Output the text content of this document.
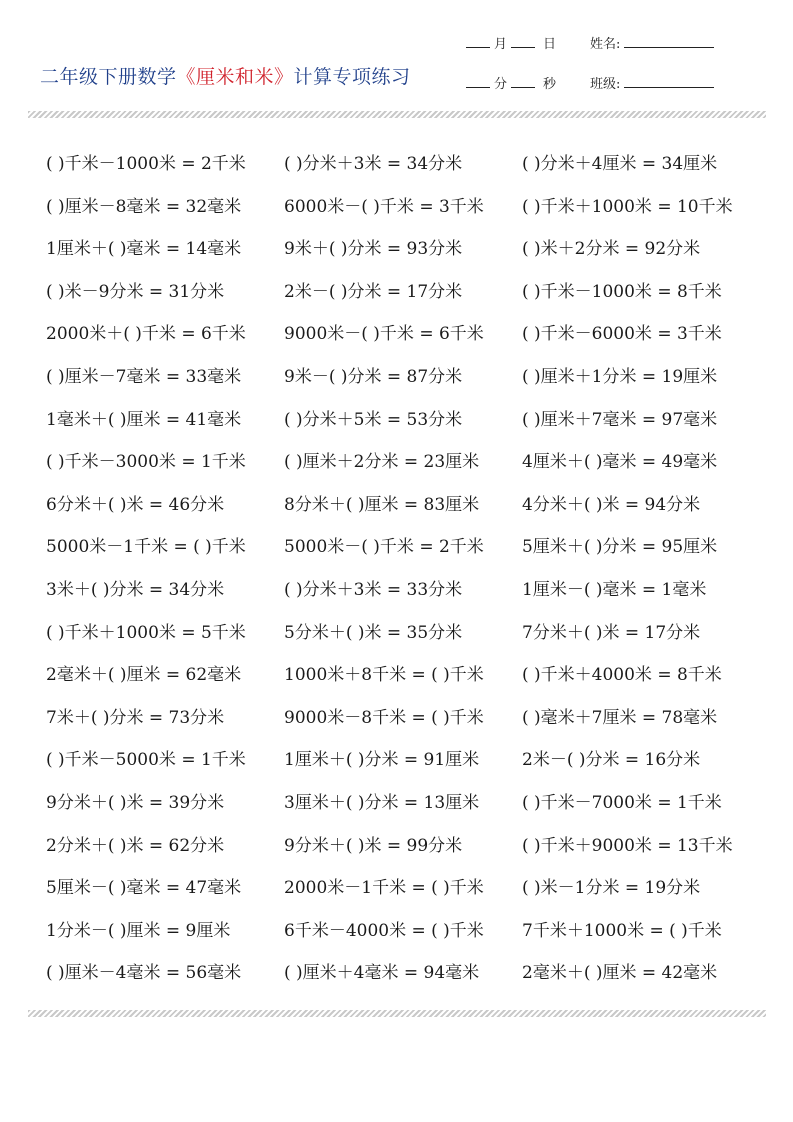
二年级下册数学《厘米和米》计算专项练习
月	日
分	秒
姓名:
班级:
( )千米－1000米 = 2千米	( )分米＋3米 = 34分米	( )分米＋4厘米 = 34厘米
( )厘米－8毫米 = 32毫米	6000米－( )千米 = 3千米	( )千米＋1000米 = 10千米
1厘米＋( )毫米 = 14毫米	9米＋( )分米 = 93分米	( )米＋2分米 = 92分米
( )米－9分米 = 31分米	2米－( )分米 = 17分米	( )千米－1000米 = 8千米
2000米＋( )千米 = 6千米	9000米－( )千米 = 6千米	( )千米－6000米 = 3千米
( )厘米－7毫米 = 33毫米	9米－( )分米 = 87分米	( )厘米＋1分米 = 19厘米
1毫米＋( )厘米 = 41毫米	( )分米＋5米 = 53分米	( )厘米＋7毫米 = 97毫米
( )千米－3000米 = 1千米	( )厘米＋2分米 = 23厘米	4厘米＋( )毫米 = 49毫米
6分米＋( )米 = 46分米	8分米＋( )厘米 = 83厘米	4分米＋( )米 = 94分米
5000米－1千米 = ( )千米	5000米－( )千米 = 2千米	5厘米＋( )分米 = 95厘米
3米＋( )分米 = 34分米	( )分米＋3米 = 33分米	1厘米－( )毫米 = 1毫米
( )千米＋1000米 = 5千米	5分米＋( )米 = 35分米	7分米＋( )米 = 17分米
2毫米＋( )厘米 = 62毫米	1000米＋8千米 = ( )千米	( )千米＋4000米 = 8千米
7米＋( )分米 = 73分米	9000米－8千米 = ( )千米	( )毫米＋7厘米 = 78毫米
( )千米－5000米 = 1千米	1厘米＋( )分米 = 91厘米	2米－( )分米 = 16分米
9分米＋( )米 = 39分米	3厘米＋( )分米 = 13厘米	( )千米－7000米 = 1千米
2分米＋( )米 = 62分米	9分米＋( )米 = 99分米	( )千米＋9000米 = 13千米
5厘米－( )毫米 = 47毫米	2000米－1千米 = ( )千米	( )米－1分米 = 19分米
1分米－( )厘米 = 9厘米	6千米－4000米 = ( )千米	7千米＋1000米 = ( )千米
( )厘米－4毫米 = 56毫米	( )厘米＋4毫米 = 94毫米	2毫米＋( )厘米 = 42毫米
